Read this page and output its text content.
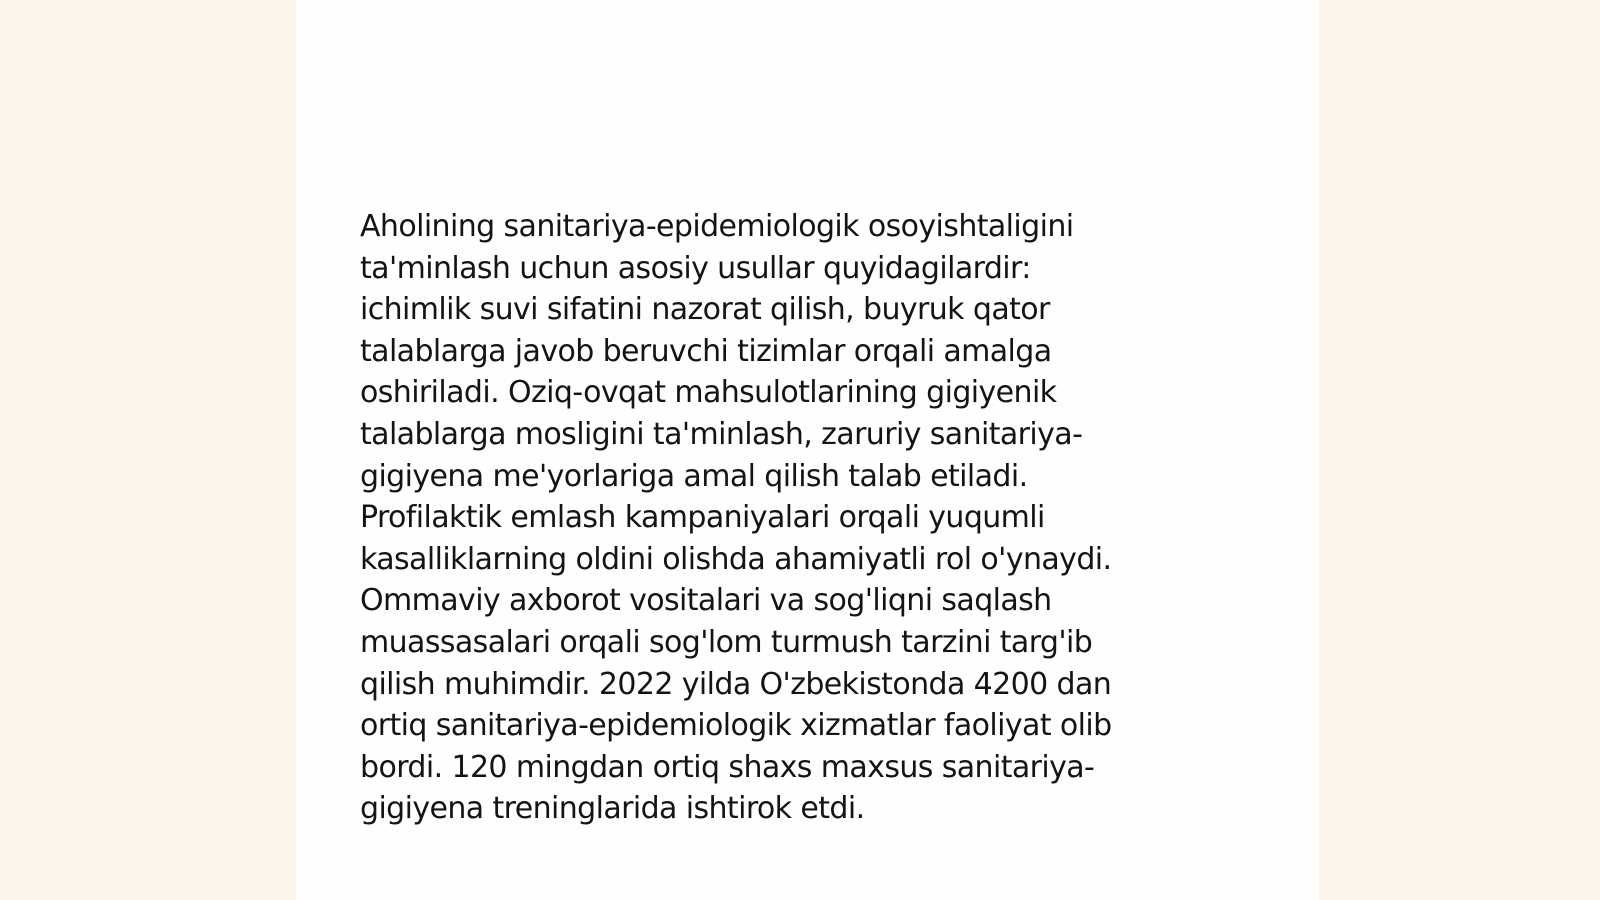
Aholining sanitariya-epidemiologik osoyishtaligini
ta'minlash uchun asosiy usullar quyidagilardir:
ichimlik suvi sifatini nazorat qilish, buyruk qator
talablarga javob beruvchi tizimlar orqali amalga
oshiriladi. Oziq-ovqat mahsulotlarining gigiyenik
talablarga mosligini ta'minlash, zaruriy sanitariya-
gigiyena me'yorlariga amal qilish talab etiladi.
Profilaktik emlash kampaniyalari orqali yuqumli
kasalliklarning oldini olishda ahamiyatli rol o'ynaydi.
Ommaviy axborot vositalari va sog'liqni saqlash
muassasalari orqali sog'lom turmush tarzini targ'ib
qilish muhimdir. 2022 yilda O'zbekistonda 4200 dan
ortiq sanitariya-epidemiologik xizmatlar faoliyat olib
bordi. 120 mingdan ortiq shaxs maxsus sanitariya-
gigiyena treninglarida ishtirok etdi.
